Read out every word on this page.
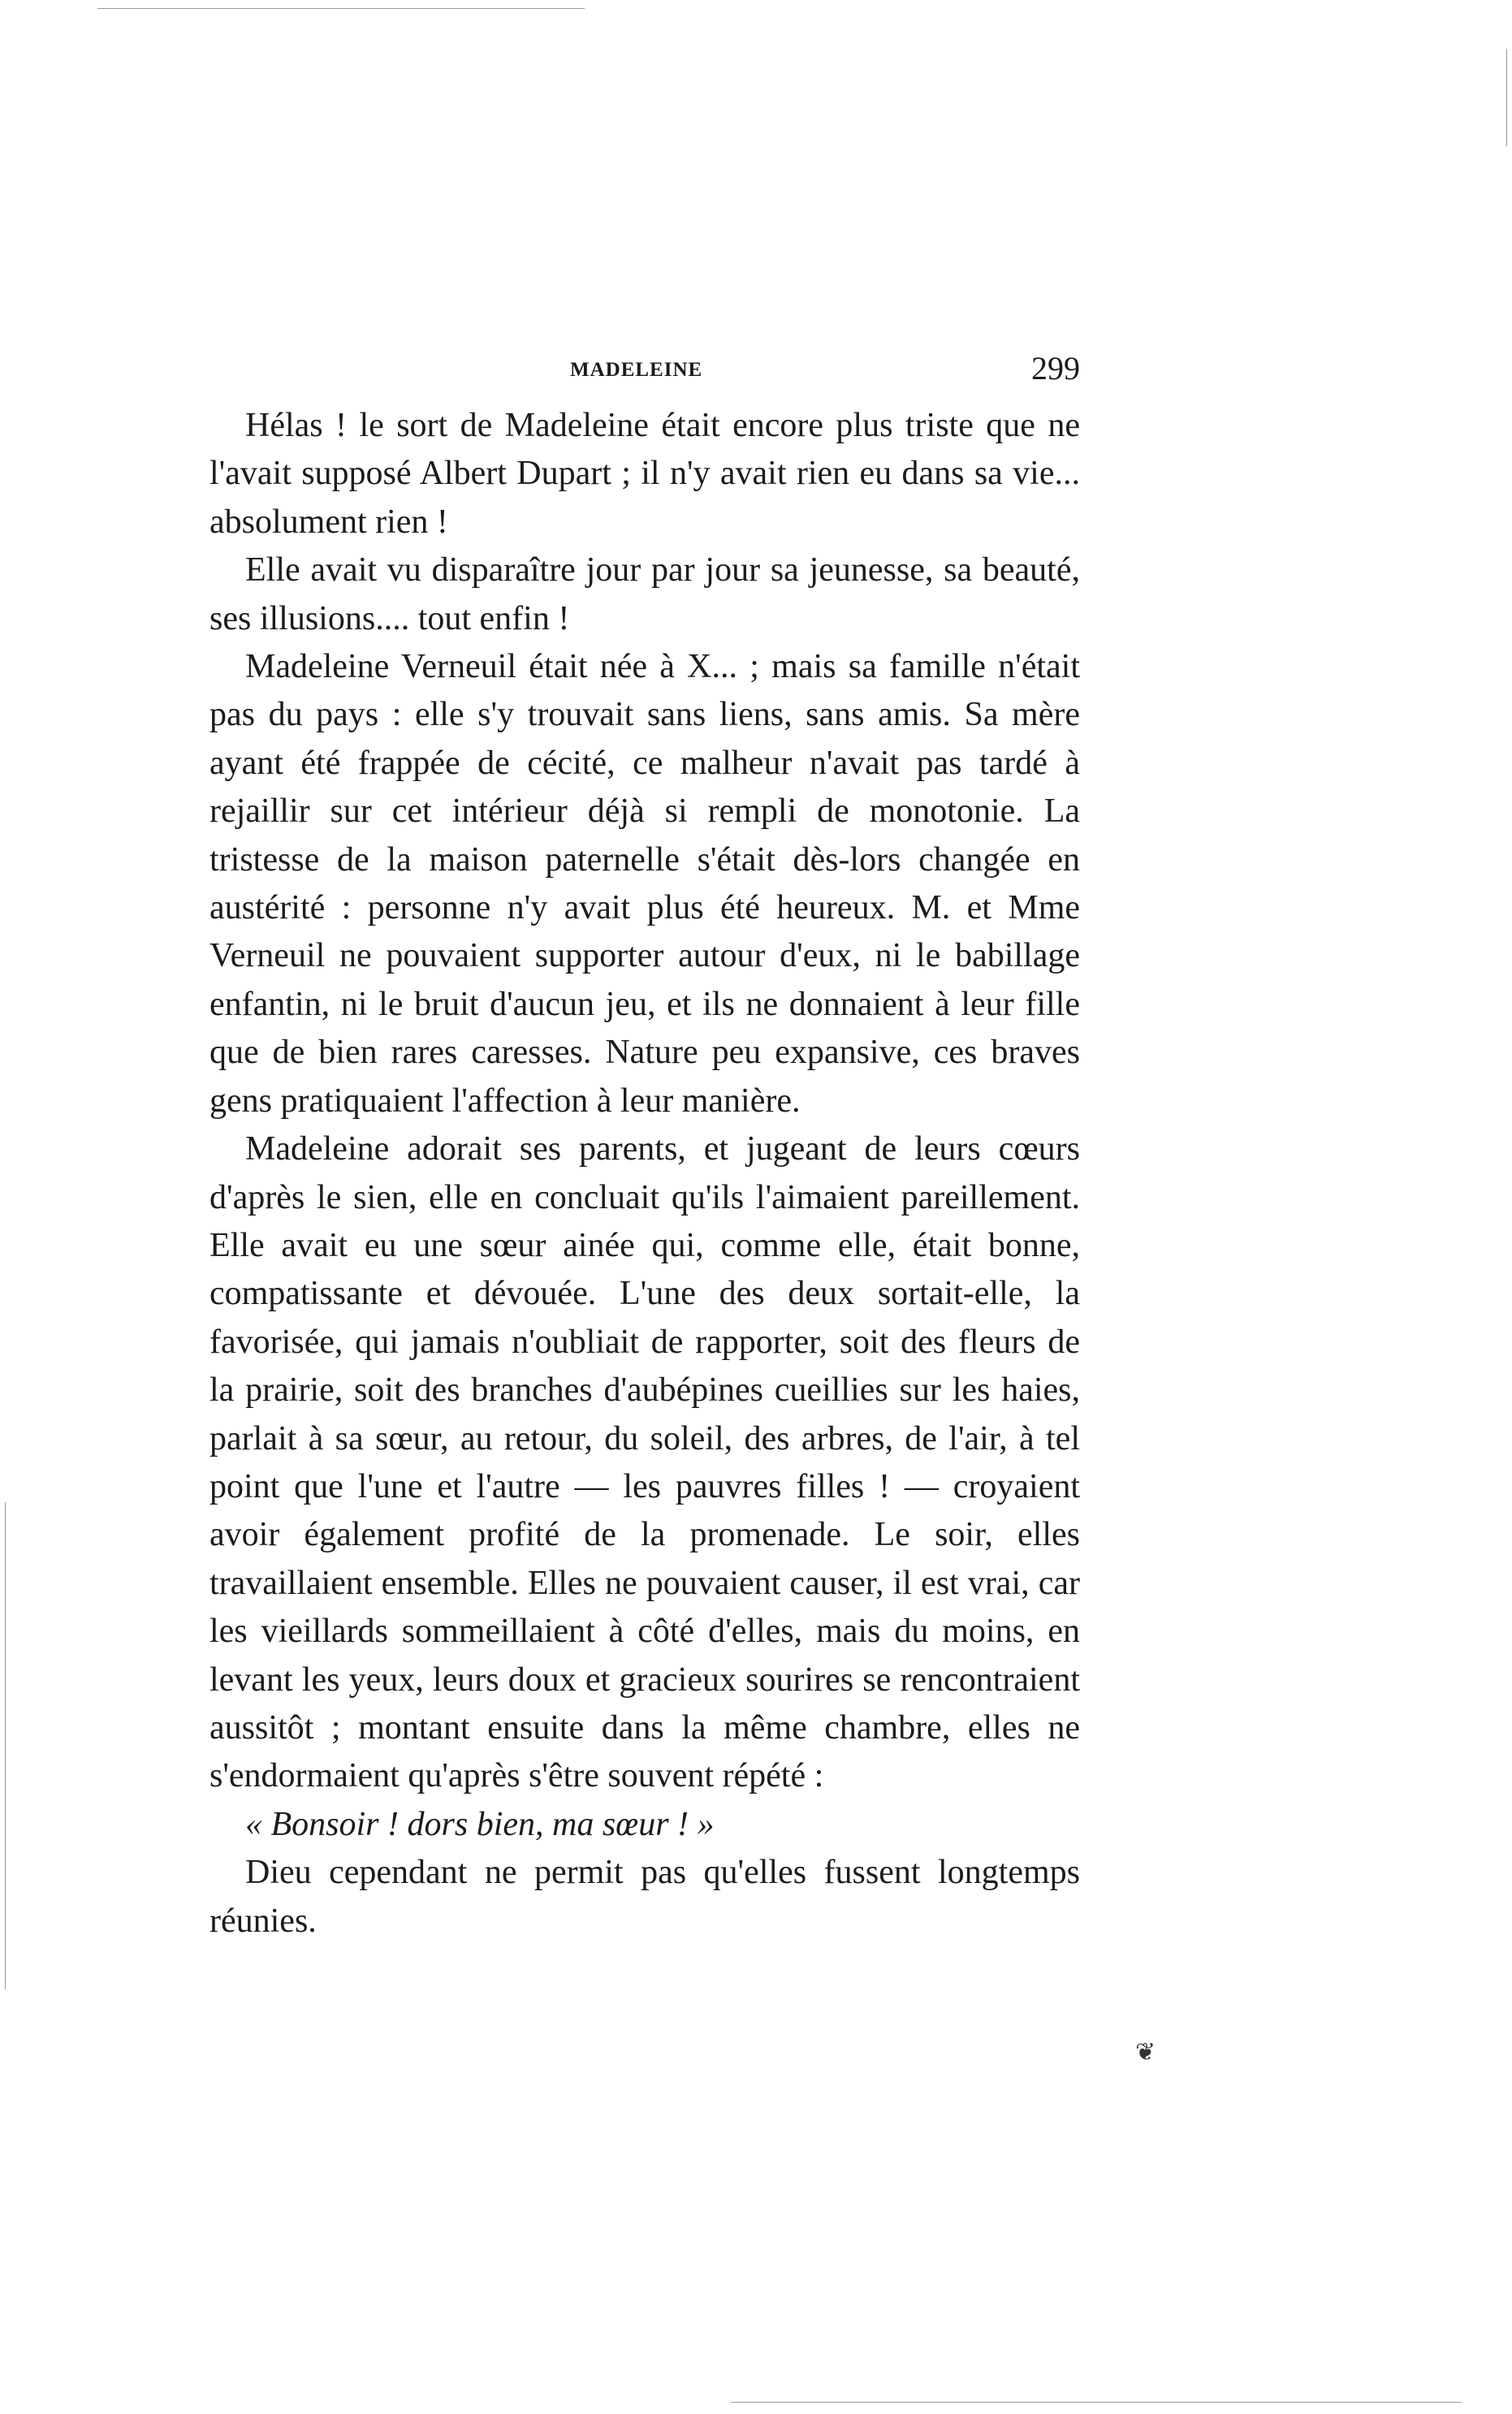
MADELEINE	299

Hélas ! le sort de Madeleine était encore plus triste que ne l'avait supposé Albert Dupart ; il n'y avait rien eu dans sa vie... absolument rien !

Elle avait vu disparaître jour par jour sa jeunesse, sa beauté, ses illusions.... tout enfin !

Madeleine Verneuil était née à X... ; mais sa famille n'était pas du pays : elle s'y trouvait sans liens, sans amis. Sa mère ayant été frappée de cécité, ce malheur n'avait pas tardé à rejaillir sur cet intérieur déjà si rempli de monotonie. La tristesse de la maison paternelle s'était dès-lors changée en austérité : personne n'y avait plus été heureux. M. et Mme Verneuil ne pouvaient supporter autour d'eux, ni le babillage enfantin, ni le bruit d'aucun jeu, et ils ne donnaient à leur fille que de bien rares caresses. Nature peu expansive, ces braves gens pratiquaient l'affection à leur manière.

Madeleine adorait ses parents, et jugeant de leurs cœurs d'après le sien, elle en concluait qu'ils l'aimaient pareillement. Elle avait eu une sœur ainée qui, comme elle, était bonne, compatissante et dévouée. L'une des deux sortait-elle, la favorisée, qui jamais n'oubliait de rapporter, soit des fleurs de la prairie, soit des branches d'aubépines cueillies sur les haies, parlait à sa sœur, au retour, du soleil, des arbres, de l'air, à tel point que l'une et l'autre — les pauvres filles ! — croyaient avoir également profité de la promenade. Le soir, elles travaillaient ensemble. Elles ne pouvaient causer, il est vrai, car les vieillards sommeillaient à côté d'elles, mais du moins, en levant les yeux, leurs doux et gracieux sourires se rencontraient aussitôt ; montant ensuite dans la même chambre, elles ne s'endormaient qu'après s'être souvent répété :
« Bonsoir ! dors bien, ma sœur ! »

Dieu cependant ne permit pas qu'elles fussent longtemps réunies.

❦
